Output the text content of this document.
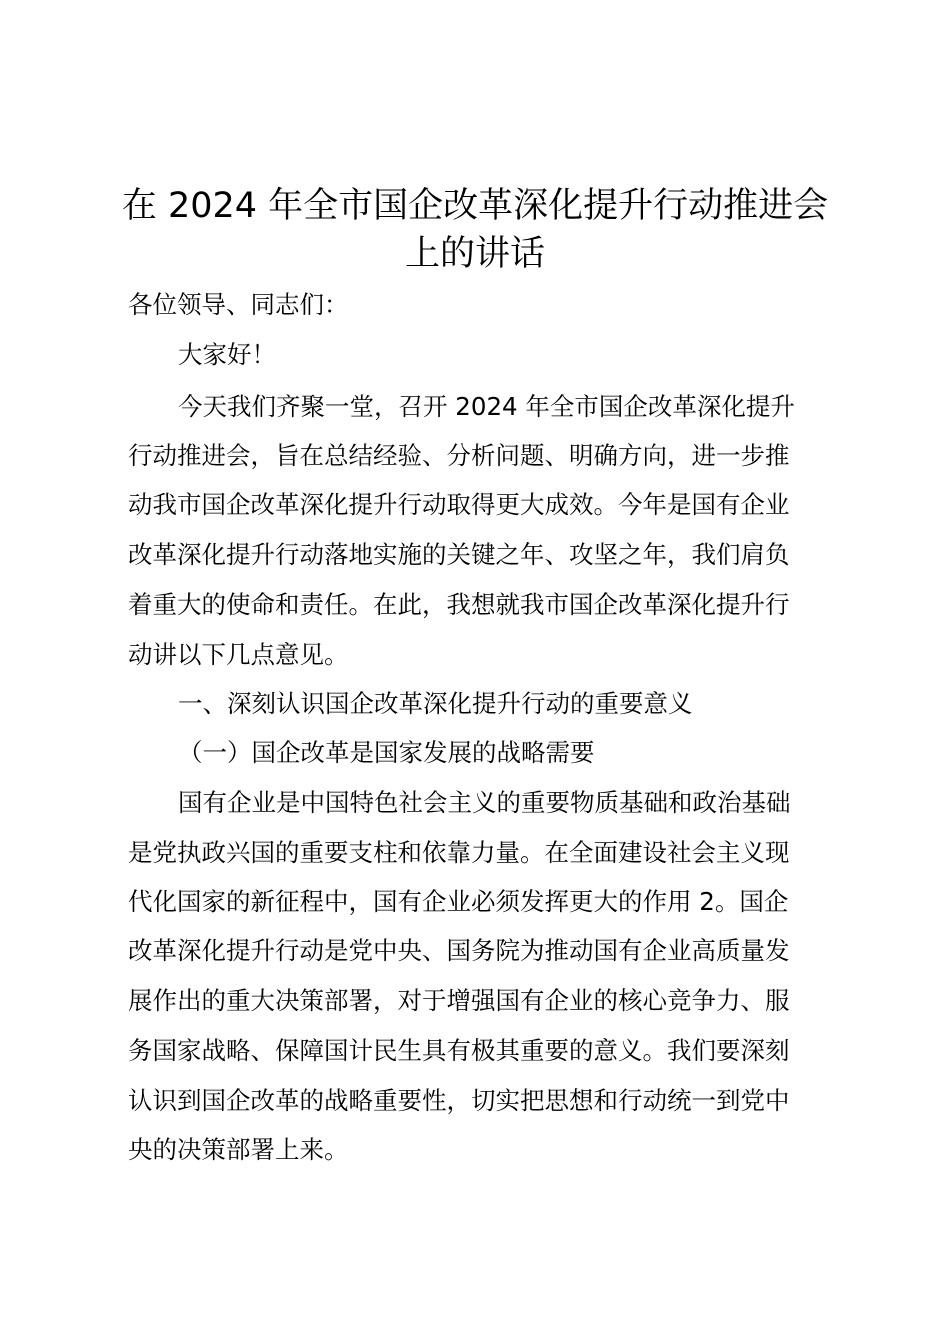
在 2024 年全市国企改革深化提升行动推进会
上的讲话

各位领导、同志们：

大家好！

今天我们齐聚一堂，召开 2024 年全市国企改革深化提升

行动推进会，旨在总结经验、分析问题、明确方向，进一步推

动我市国企改革深化提升行动取得更大成效。今年是国有企业

改革深化提升行动落地实施的关键之年、攻坚之年，我们肩负

着重大的使命和责任。在此，我想就我市国企改革深化提升行

动讲以下几点意见。

一、深刻认识国企改革深化提升行动的重要意义

（一）国企改革是国家发展的战略需要

国有企业是中国特色社会主义的重要物质基础和政治基础

是党执政兴国的重要支柱和依靠力量。在全面建设社会主义现

代化国家的新征程中，国有企业必须发挥更大的作用 2。国企

改革深化提升行动是党中央、国务院为推动国有企业高质量发

展作出的重大决策部署，对于增强国有企业的核心竞争力、服

务国家战略、保障国计民生具有极其重要的意义。我们要深刻

认识到国企改革的战略重要性，切实把思想和行动统一到党中

央的决策部署上来。
